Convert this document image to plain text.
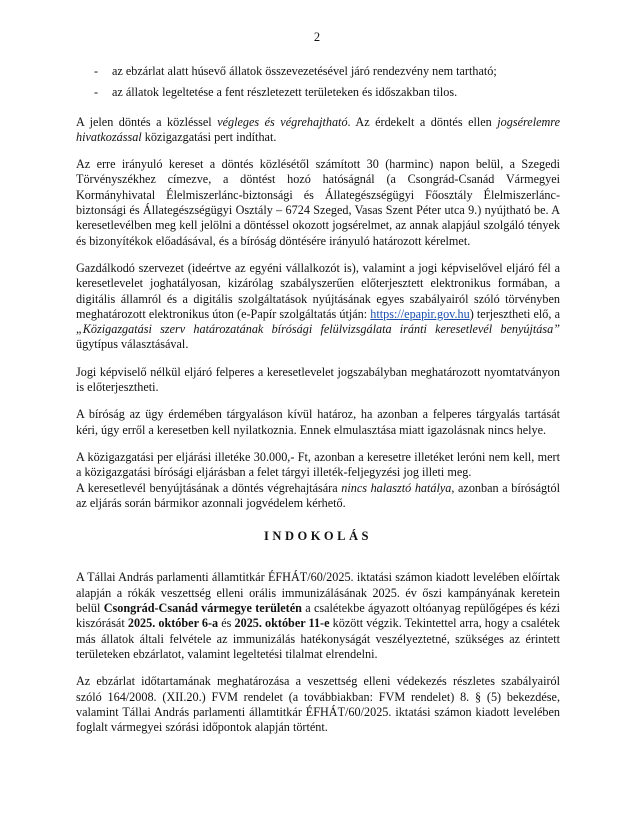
2
-	az ebzárlat alatt húsevő állatok összevezetésével járó rendezvény nem tartható;
-	az állatok legeltetése a fent részletezett területeken és időszakban tilos.

A jelen döntés a közléssel végleges és végrehajtható. Az érdekelt a döntés ellen jogsérelemre hivatkozással közigazgatási pert indíthat.

Az erre irányuló kereset a döntés közlésétől számított 30 (harminc) napon belül, a Szegedi Törvényszékhez címezve, a döntést hozó hatóságnál (a Csongrád-Csanád Vármegyei Kormányhivatal Élelmiszerlánc-biztonsági és Állategészségügyi Főosztály Élelmiszerlánc-biztonsági és Állategészségügyi Osztály – 6724 Szeged, Vasas Szent Péter utca 9.) nyújtható be. A keresetlevélben meg kell jelölni a döntéssel okozott jogsérelmet, az annak alapjául szolgáló tények és bizonyítékok előadásával, és a bíróság döntésére irányuló határozott kérelmet.

Gazdálkodó szervezet (ideértve az egyéni vállalkozót is), valamint a jogi képviselővel eljáró fél a keresetlevelet joghatályosan, kizárólag szabályszerűen előterjesztett elektronikus formában, a digitális államról és a digitális szolgáltatások nyújtásának egyes szabályairól szóló törvényben meghatározott elektronikus úton (e-Papír szolgáltatás útján: https://epapir.gov.hu) terjesztheti elő, a „Közigazgatási szerv határozatának bírósági felülvizsgálata iránti keresetlevél benyújtása” ügytípus választásával.

Jogi képviselő nélkül eljáró felperes a keresetlevelet jogszabályban meghatározott nyomtatványon is előterjesztheti.

A bíróság az ügy érdemében tárgyaláson kívül határoz, ha azonban a felperes tárgyalás tartását kéri, úgy erről a keresetben kell nyilatkoznia. Ennek elmulasztása miatt igazolásnak nincs helye.

A közigazgatási per eljárási illetéke 30.000,- Ft, azonban a keresetre illetéket leróni nem kell, mert a közigazgatási bírósági eljárásban a felet tárgyi illeték-feljegyzési jog illeti meg.

A keresetlevél benyújtásának a döntés végrehajtására nincs halasztó hatálya, azonban a bíróságtól az eljárás során bármikor azonnali jogvédelem kérhető.

INDOKOLÁS

A Tállai András parlamenti államtitkár ÉFHÁT/60/2025. iktatási számon kiadott levelében előírtak alapján a rókák veszettség elleni orális immunizálásának 2025. év őszi kampányának keretein belül Csongrád-Csanád vármegye területén a csalétekbe ágyazott oltóanyag repülőgépes és kézi kiszórását 2025. október 6-a és 2025. október 11-e között végzik. Tekintettel arra, hogy a csalétek más állatok általi felvétele az immunizálás hatékonyságát veszélyeztetné, szükséges az érintett területeken ebzárlatot, valamint legeltetési tilalmat elrendelni.

Az ebzárlat időtartamának meghatározása a veszettség elleni védekezés részletes szabályairól szóló 164/2008. (XII.20.) FVM rendelet (a továbbiakban: FVM rendelet) 8. § (5) bekezdése, valamint Tállai András parlamenti államtitkár ÉFHÁT/60/2025. iktatási számon kiadott levelében foglalt vármegyei szórási időpontok alapján történt.
